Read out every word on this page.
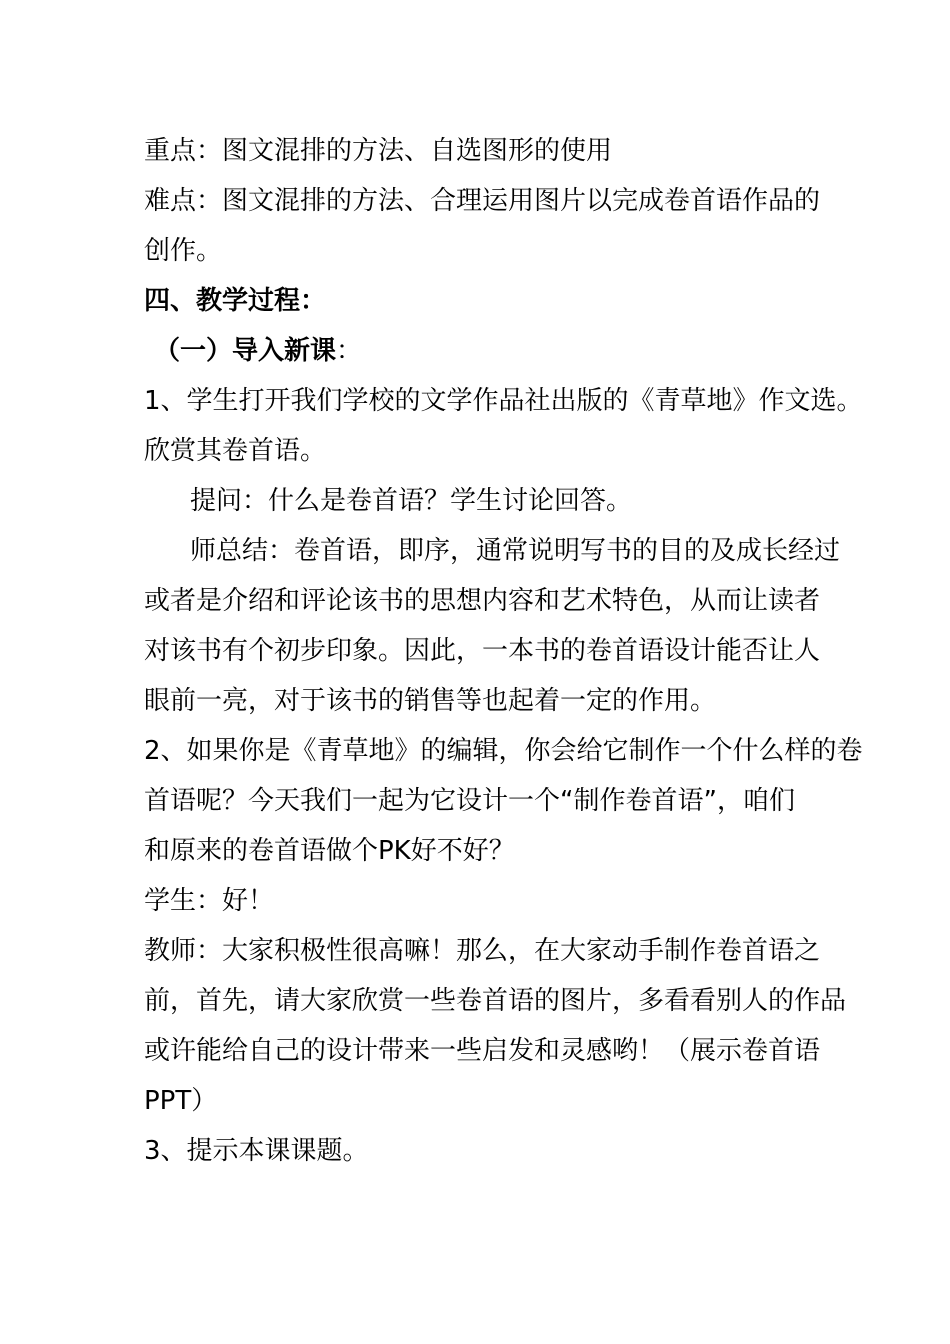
重点：图文混排的方法、自选图形的使用
难点：图文混排的方法、合理运用图片以完成卷首语作品的
创作。
四、教学过程：
（一）导入新课：
1、学生打开我们学校的文学作品社出版的《青草地》作文选。
欣赏其卷首语。
提问：什么是卷首语？学生讨论回答。
师总结：卷首语，即序，通常说明写书的目的及成长经过
或者是介绍和评论该书的思想内容和艺术特色，从而让读者
对该书有个初步印象。因此，一本书的卷首语设计能否让人
眼前一亮，对于该书的销售等也起着一定的作用。
2、如果你是《青草地》的编辑，你会给它制作一个什么样的卷
首语呢？今天我们一起为它设计一个“制作卷首语”，咱们
和原来的卷首语做个PK好不好？
学生：好！
教师：大家积极性很高嘛！那么，在大家动手制作卷首语之
前，首先，请大家欣赏一些卷首语的图片，多看看别人的作品
或许能给自己的设计带来一些启发和灵感哟！（展示卷首语
PPT）
3、提示本课课题。
